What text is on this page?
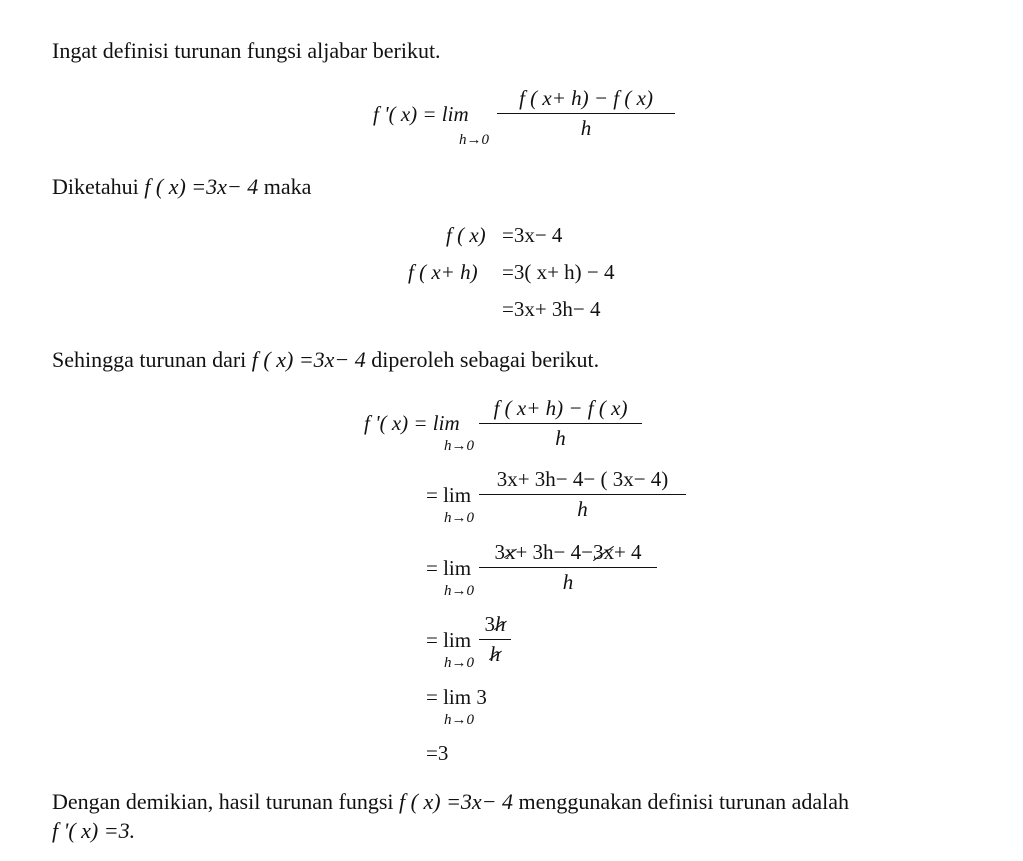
Ingat definisi turunan fungsi aljabar berikut.
f '( x) = lim
$h\to 0 \frac{f ( x+ h) - f ( x)}{h}$
Diketahui f ( x) =3x− 4 maka
f ( x) =3x− 4
f ( x+ h) =3( x+ h) − 4
=3x+ 3h− 4
Sehingga turunan dari f ( x) =3x− 4 diperoleh sebagai berikut.
f '( x) = lim
$h\to 0 \frac{f ( x+ h) - f ( x)}{h}$
= lim
$h\to 0 \frac{3x+ 3h- 4- ( 3x- 4)}{h}$
= lim
$h\to 0 \frac{3x+ 3h- 4-3x+ 4}{h}$
= lim
$h\to 0 \frac{3h}{h}$
= lim 3
h→0
=3
Dengan demikian, hasil turunan fungsi f ( x) =3x− 4 menggunakan definisi turunan adalah
f '( x) =3.
